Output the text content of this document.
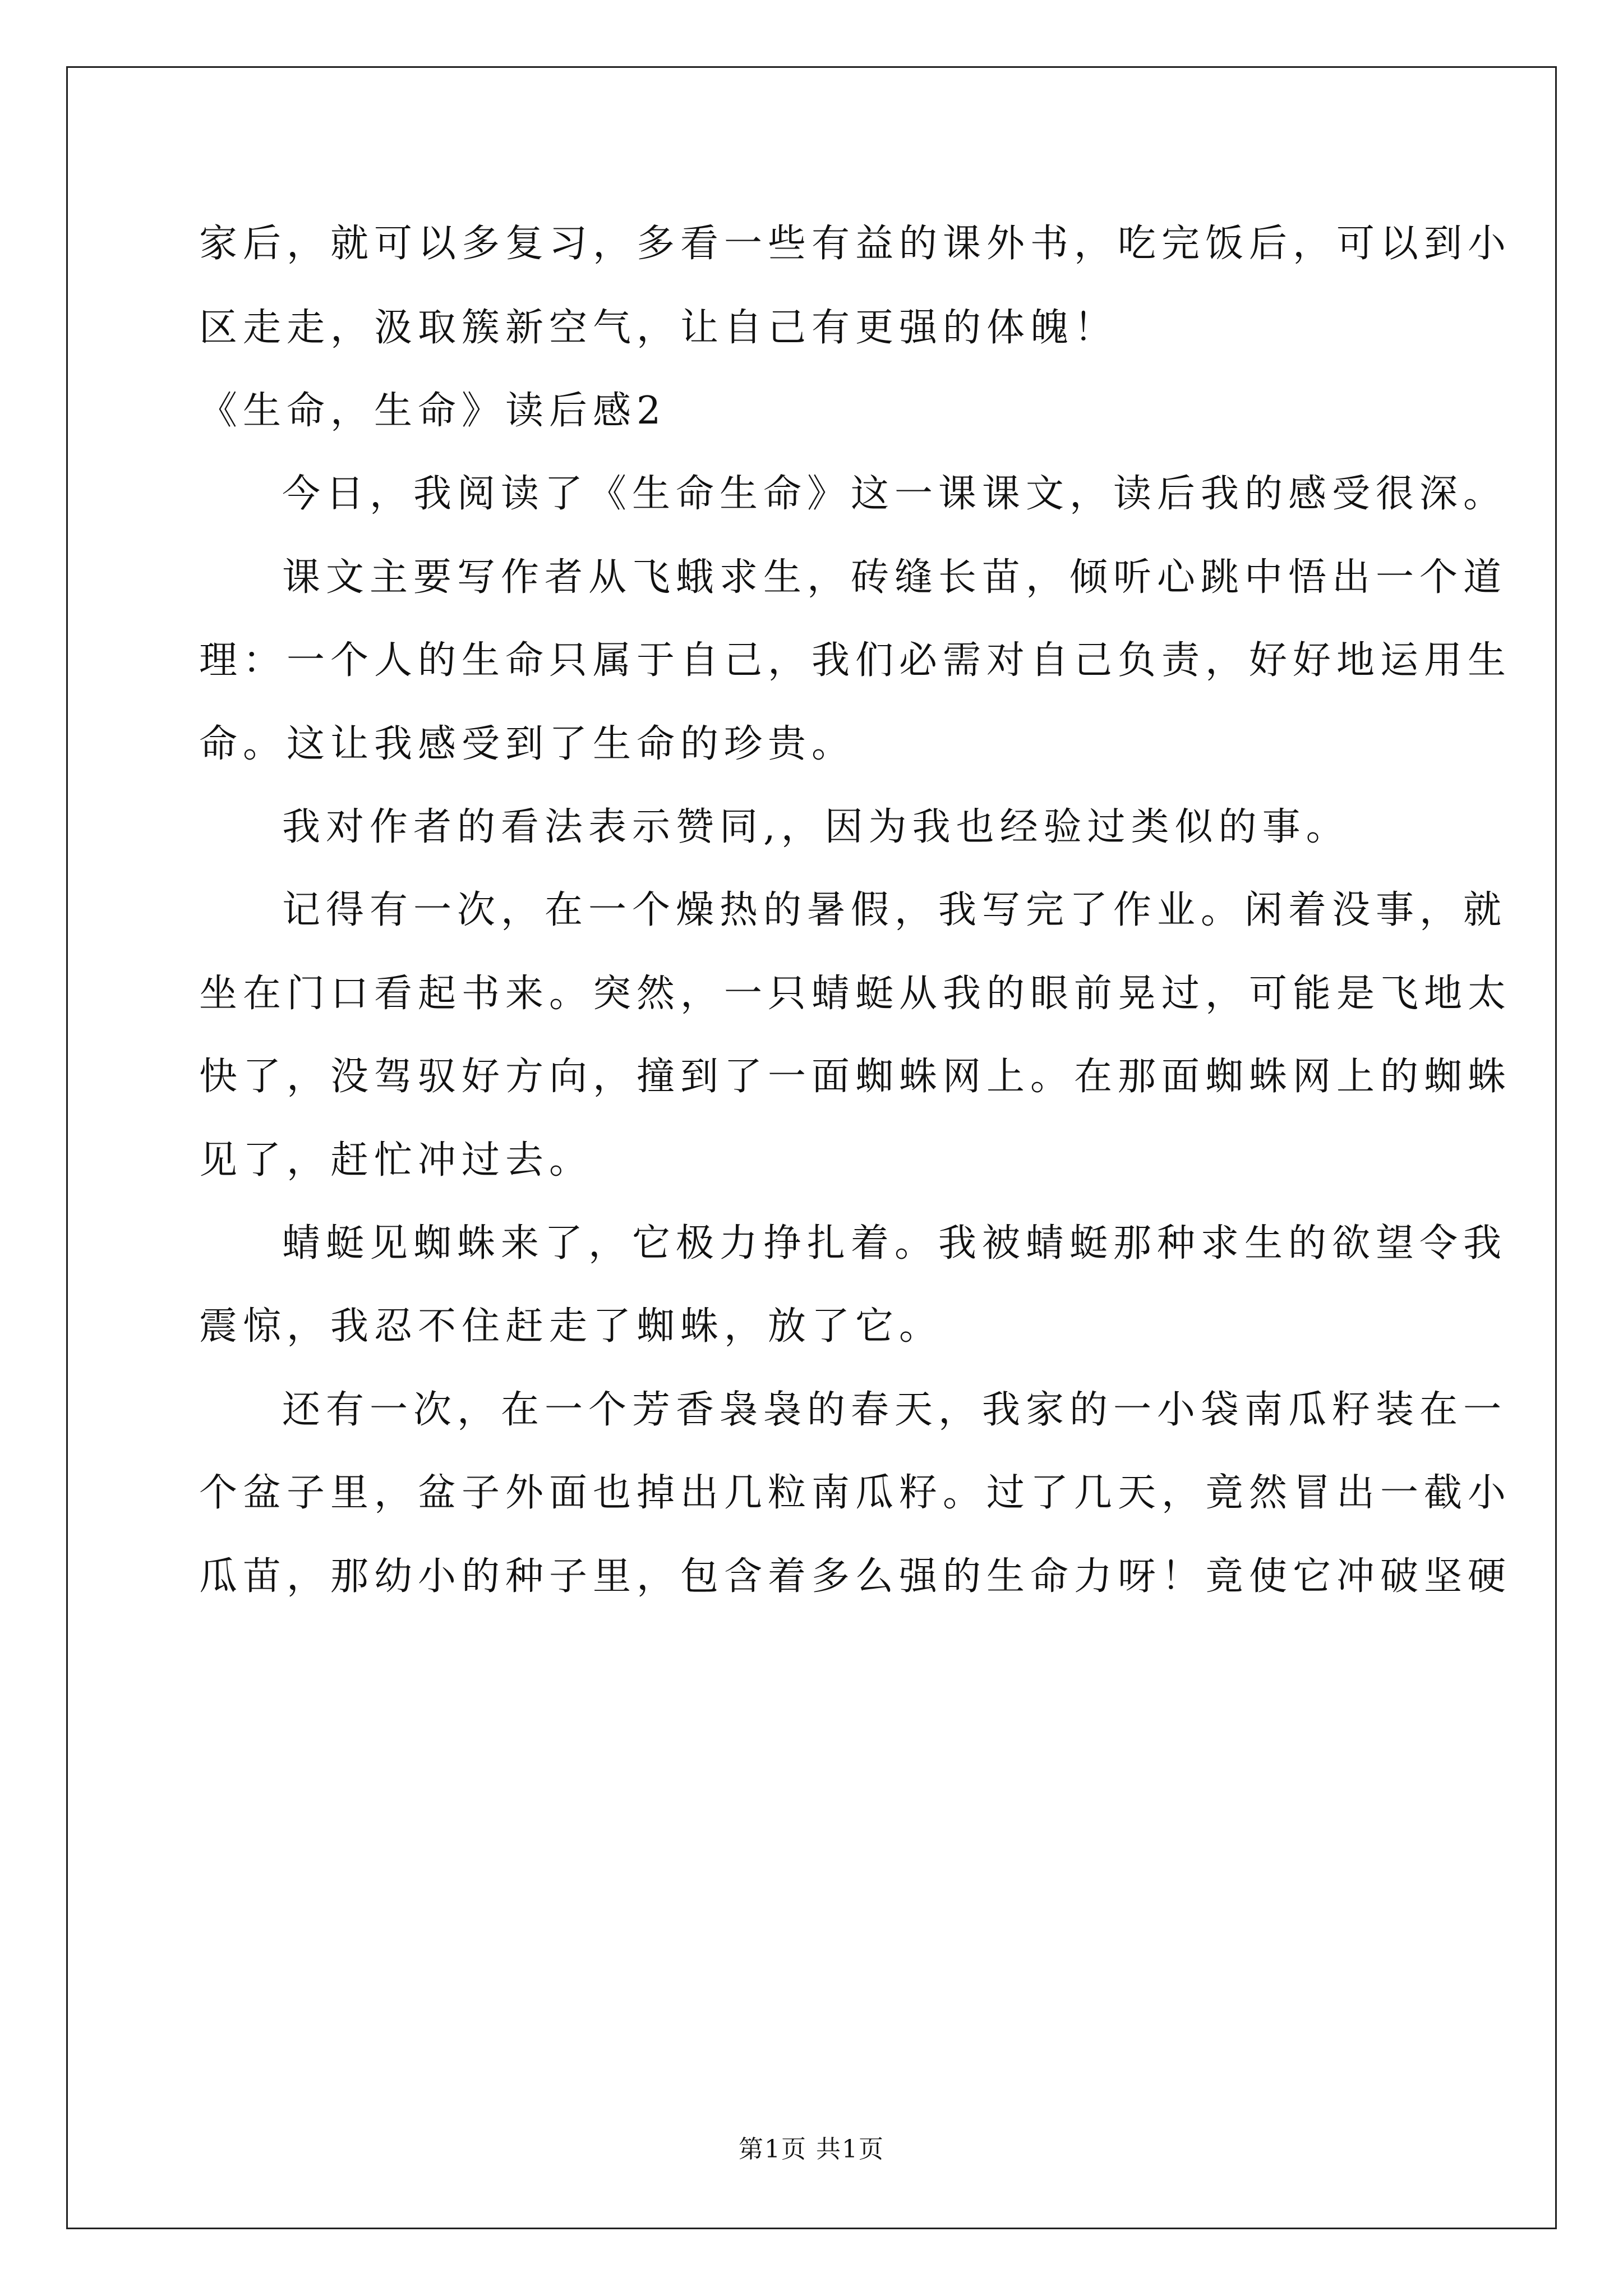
家后，就可以多复习，多看一些有益的课外书，吃完饭后，可以到小
区走走，汲取簇新空气，让自己有更强的体魄！
《生命，生命》读后感2
今日，我阅读了《生命生命》这一课课文，读后我的感受很深。
课文主要写作者从飞蛾求生，砖缝长苗，倾听心跳中悟出一个道
理：一个人的生命只属于自己，我们必需对自己负责，好好地运用生
命。这让我感受到了生命的珍贵。
我对作者的看法表示赞同,，因为我也经验过类似的事。
记得有一次，在一个燥热的暑假，我写完了作业。闲着没事，就
坐在门口看起书来。突然，一只蜻蜓从我的眼前晃过，可能是飞地太
快了，没驾驭好方向，撞到了一面蜘蛛网上。在那面蜘蛛网上的蜘蛛
见了，赶忙冲过去。
蜻蜓见蜘蛛来了，它极力挣扎着。我被蜻蜓那种求生的欲望令我
震惊，我忍不住赶走了蜘蛛，放了它。
还有一次，在一个芳香袅袅的春天，我家的一小袋南瓜籽装在一
个盆子里，盆子外面也掉出几粒南瓜籽。过了几天，竟然冒出一截小
瓜苗，那幼小的种子里，包含着多么强的生命力呀！竟使它冲破坚硬
第1页 共1页
